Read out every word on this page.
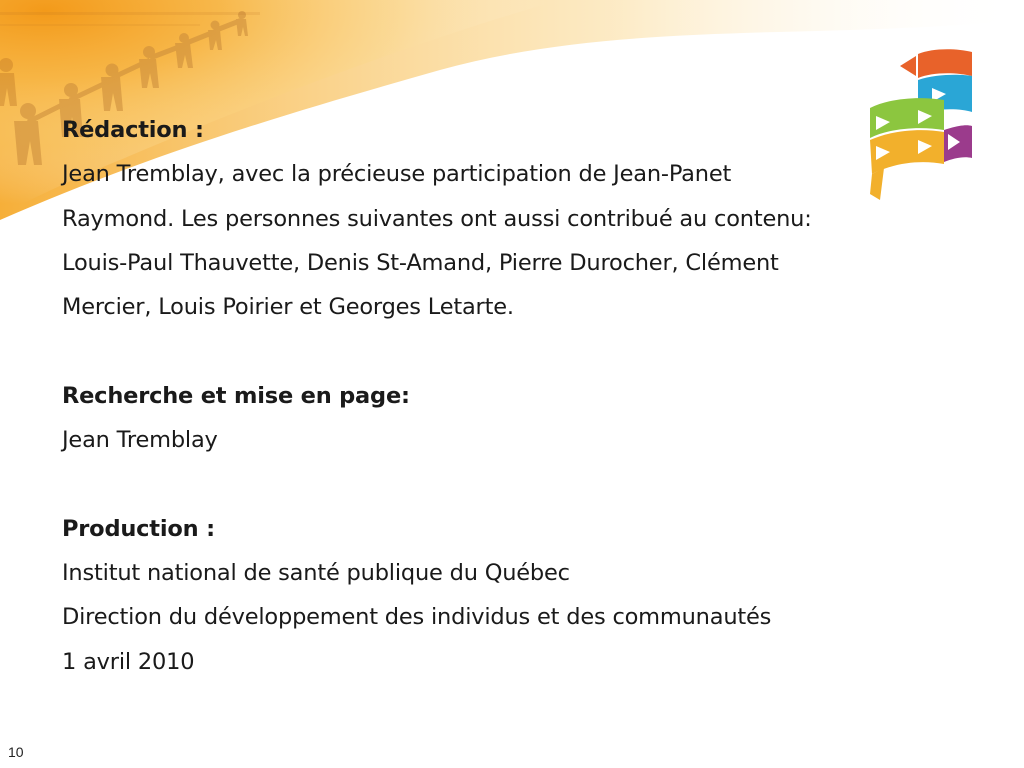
Rédaction :
Jean Tremblay, avec la précieuse participation de Jean-Panet
Raymond. Les personnes suivantes ont aussi contribué au contenu:
Louis-Paul Thauvette, Denis St-Amand, Pierre Durocher, Clément
Mercier, Louis Poirier et Georges Letarte.
Recherche et mise en page:
Jean Tremblay
Production :
Institut national de santé publique du Québec
Direction du développement des individus et des communautés
1 avril 2010
10
